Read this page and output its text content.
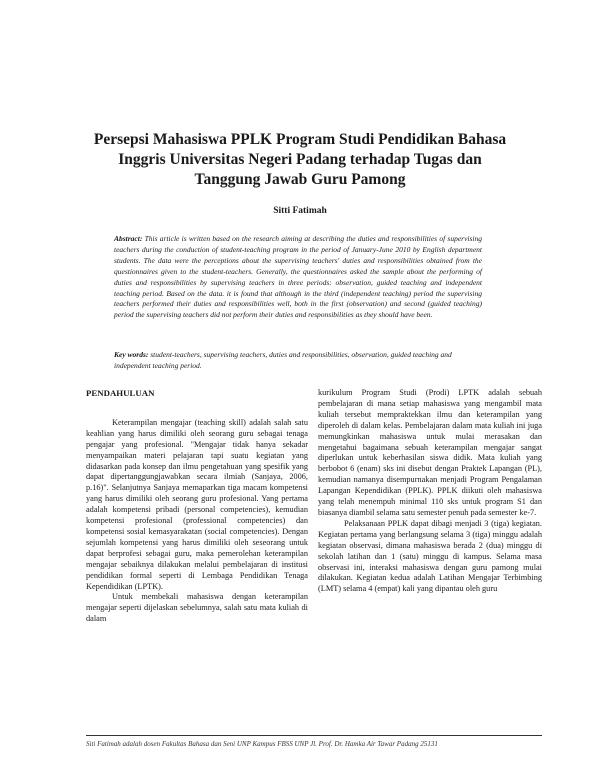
Persepsi Mahasiswa PPLK Program Studi Pendidikan Bahasa
Inggris Universitas Negeri Padang terhadap Tugas dan
Tanggung Jawab Guru Pamong
Sitti Fatimah

Abstract: This article is written based on the research aiming at describing the duties and responsibilities of supervising teachers during the conduction of student-teaching program in the period of January-June 2010 by English department students. The data were the perceptions about the supervising teachers' duties and responsibilities obtained from the questionnaires given to the student-teachers. Generally, the questionnaires asked the sample about the performing of duties and responsibilities by supervising teachers in three periods: observation, guided teaching and independent teaching period. Based on the data. it is found that although in the third (independent teaching) period the supervising teachers performed their duties and responsibilities well, both in the first (observation) and second (guided teaching) period the supervising teachers did not perform their duties and responsibilities as they should have been.

Key words: student-teachers, supervising teachers, duties and responsibilities, observation, guided teaching and independent teaching period.

PENDAHULUAN

Keterampilan mengajar (teaching skill) adalah salah satu keahlian yang harus dimiliki oleh seorang guru sebagai tenaga pengajar yang profesional. "Mengajar tidak hanya sekadar menyampaikan materi pelajaran tapi suatu kegiatan yang didasarkan pada konsep dan ilmu pengetahuan yang spesifik yang dapat dipertanggungjawabkan secara ilmiah (Sanjaya, 2006, p.16)". Selanjutnya Sanjaya memaparkan tiga macam kompetensi yang harus dimiliki oleh seorang guru profesional. Yang pertama adalah kompetensi pribadi (personal competencies), kemudian kompetensi profesional (professional competencies) dan kompetensi sosial kemasyarakatan (social competencies). Dengan sejumlah kompetensi yang harus dimiliki oleh seseorang untuk dapat berprofesi sebagai guru, maka pemerolehan keterampilan mengajar sebaiknya dilakukan melalui pembelajaran di institusi pendidikan formal seperti di Lembaga Pendidikan Tenaga Kependidikan (LPTK).

Untuk membekali mahasiswa dengan keterampilan mengajar seperti dijelaskan sebelumnya, salah satu mata kuliah di dalam

kurikulum Program Studi (Prodi) LPTK adalah sebuah pembelajaran di mana setiap mahasiswa yang mengambil mata kuliah tersebut mempraktekkan ilmu dan keterampilan yang diperoleh di dalam kelas. Pembelajaran dalam mata kuliah ini juga memungkinkan mahasiswa untuk mulai merasakan dan mengetahui bagaimana sebuah keterampilan mengajar sangat diperlukan untuk keberhasilan siswa didik. Mata kuliah yang berbobot 6 (enam) sks ini disebut dengan Praktek Lapangan (PL), kemudian namanya disempurnakan menjadi Program Pengalaman Lapangan Kependidikan (PPLK). PPLK diikuti oleh mahasiswa yang telah menempuh minimal 110 sks untuk program S1 dan biasanya diambil selama satu semester penuh pada semester ke-7.

Pelaksanaan PPLK dapat dibagi menjadi 3 (tiga) kegiatan. Kegiatan pertama yang berlangsung selama 3 (tiga) minggu adalah kegiatan observasi, dimana mahasiswa berada 2 (dua) minggu di sekolah latihan dan 1 (satu) minggu di kampus. Selama masa observasi ini, interaksi mahasiswa dengan guru pamong mulai dilakukan. Kegiatan kedua adalah Latihan Mengajar Terbimbing (LMT) selama 4 (empat) kali yang dipantau oleh guru

Siti Fatimah adalah dosen Fakultas Bahasa dan Seni UNP Kampus FBSS UNP Jl. Prof. Dr. Hamka Air Tawar Padang 25131
